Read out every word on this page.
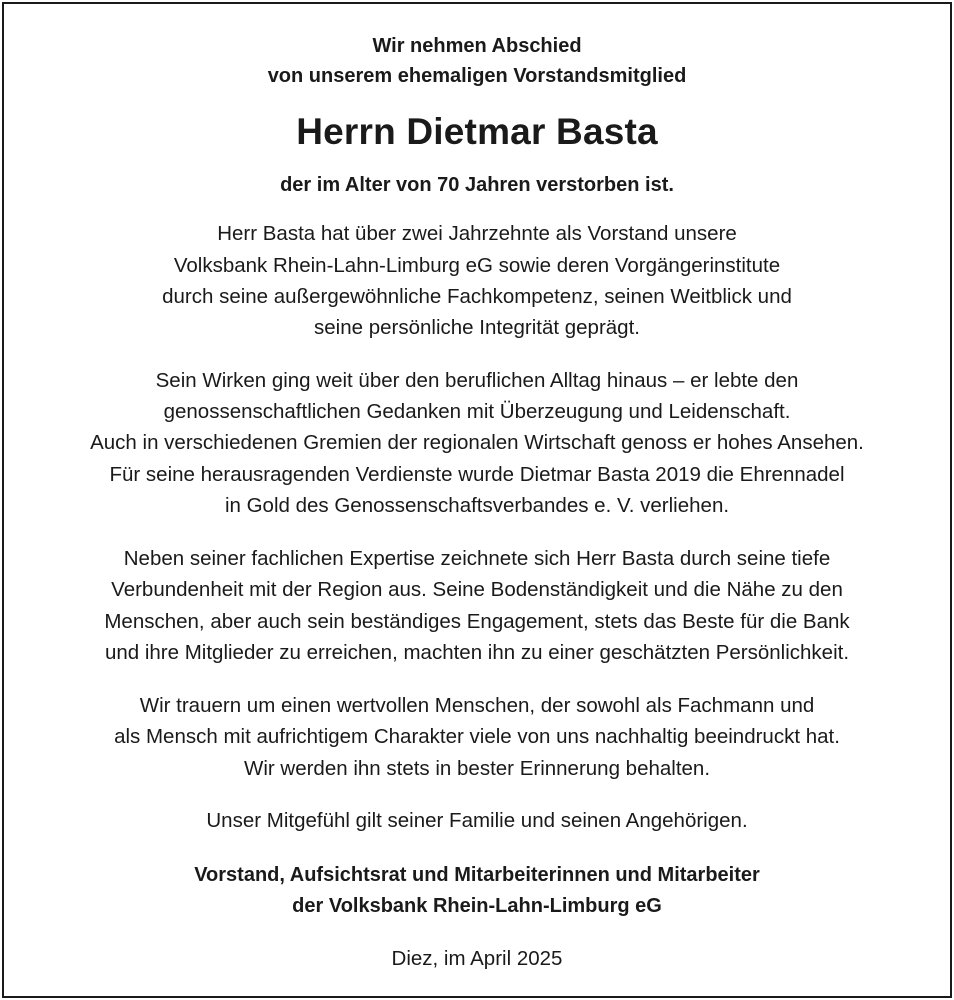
Wir nehmen Abschied
von unserem ehemaligen Vorstandsmitglied
Herrn Dietmar Basta
der im Alter von 70 Jahren verstorben ist.
Herr Basta hat über zwei Jahrzehnte als Vorstand unsere
Volksbank Rhein-Lahn-Limburg eG sowie deren Vorgängerinstitute
durch seine außergewöhnliche Fachkompetenz, seinen Weitblick und
seine persönliche Integrität geprägt.
Sein Wirken ging weit über den beruflichen Alltag hinaus – er lebte den
genossenschaftlichen Gedanken mit Überzeugung und Leidenschaft.
Auch in verschiedenen Gremien der regionalen Wirtschaft genoss er hohes Ansehen.
Für seine herausragenden Verdienste wurde Dietmar Basta 2019 die Ehrennadel
in Gold des Genossenschaftsverbandes e. V. verliehen.
Neben seiner fachlichen Expertise zeichnete sich Herr Basta durch seine tiefe
Verbundenheit mit der Region aus. Seine Bodenständigkeit und die Nähe zu den
Menschen, aber auch sein beständiges Engagement, stets das Beste für die Bank
und ihre Mitglieder zu erreichen, machten ihn zu einer geschätzten Persönlichkeit.
Wir trauern um einen wertvollen Menschen, der sowohl als Fachmann und
als Mensch mit aufrichtigem Charakter viele von uns nachhaltig beeindruckt hat.
Wir werden ihn stets in bester Erinnerung behalten.
Unser Mitgefühl gilt seiner Familie und seinen Angehörigen.
Vorstand, Aufsichtsrat und Mitarbeiterinnen und Mitarbeiter
der Volksbank Rhein-Lahn-Limburg eG
Diez, im April 2025
